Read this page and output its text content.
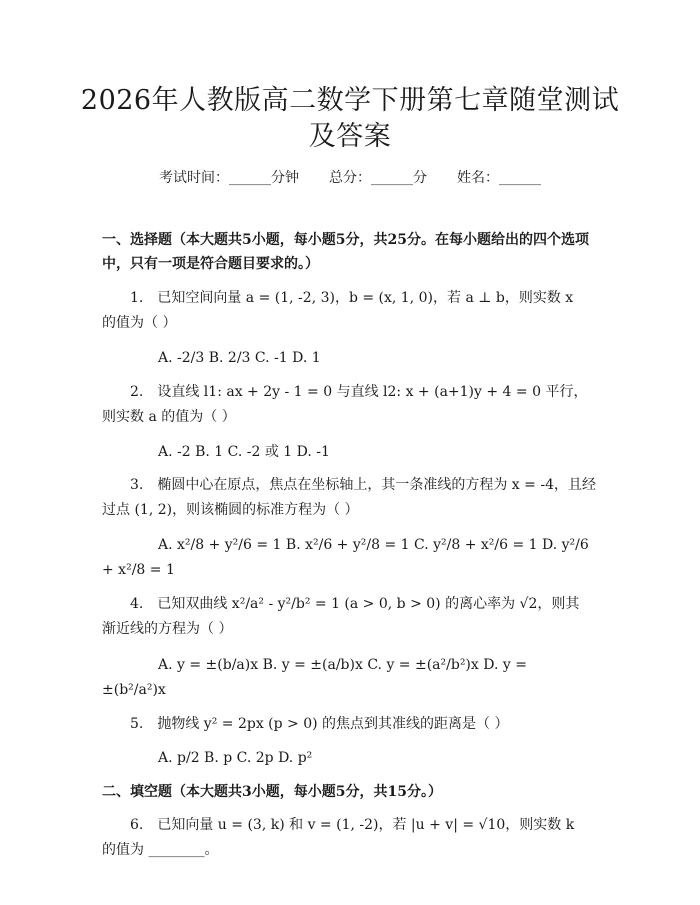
2026年人教版高二数学下册第七章随堂测试
及答案
考试时间：______分钟 总分：______分 姓名：______
一、选择题（本大题共5小题，每小题5分，共25分。在每小题给出的四个选项
中，只有一项是符合题目要求的。）
1.　已知空间向量 a = (1, -2, 3)，b = (x, 1, 0)，若 a ⊥ b，则实数 x
的值为（ ）
A. -2/3 B. 2/3 C. -1 D. 1
2.　设直线 l1: ax + 2y - 1 = 0 与直线 l2: x + (a+1)y + 4 = 0 平行，
则实数 a 的值为（ ）
A. -2 B. 1 C. -2 或 1 D. -1
3.　椭圆中心在原点，焦点在坐标轴上，其一条准线的方程为 x = -4，且经
过点 (1, 2)，则该椭圆的标准方程为（ ）
A. x²/8 + y²/6 = 1 B. x²/6 + y²/8 = 1 C. y²/8 + x²/6 = 1 D. y²/6
+ x²/8 = 1
4.　已知双曲线 x²/a² - y²/b² = 1 (a > 0, b > 0) 的离心率为 √2，则其
渐近线的方程为（ ）
A. y = ±(b/a)x B. y = ±(a/b)x C. y = ±(a²/b²)x D. y =
±(b²/a²)x
5.　抛物线 y² = 2px (p > 0) 的焦点到其准线的距离是（ ）
A. p/2 B. p C. 2p D. p²
二、填空题（本大题共3小题，每小题5分，共15分。）
6.　已知向量 u = (3, k) 和 v = (1, -2)，若 |u + v| = √10，则实数 k
的值为 ________。
